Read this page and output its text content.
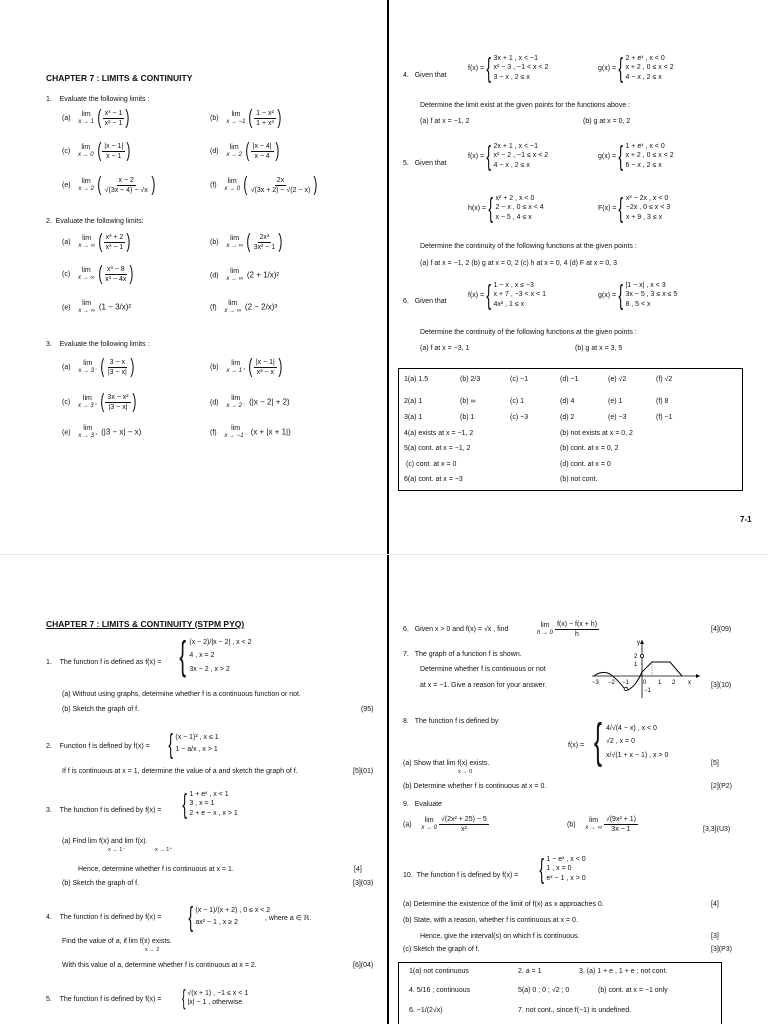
CHAPTER 7 : LIMITS & CONTINUITY
1. Evaluate the following limits :
(a)
lim
x → 1 ( $\frac{\text{x³ − 1}}{\text{x² − 1}}$ )	(b)
lim
x → −1 ( $\frac{\text{1 − x²}}{\text{1 + x³}}$ )
(c)
lim
x → 0 ( $\frac{|x - 1|}{x - 1}$ )	(d)
lim
x → 2 ( $\frac{|x - 4|}{x - 4}$ )
(e)
lim
x → 2 ( $\frac{x - 2}{√(3x - 4) - √x}$ )	(f)
lim
x → 0 ( $\frac{2x}{√(3x + 2) - √(2 - x)}$ )
2. Evaluate the following limits:
(a)
lim
x → ∞ ( $\frac{\text{x³ + 2}}{\text{x³ − 1}}$ )	(b)
lim
x → ∞ ( $\frac{\text{2x³}}{\text{3x² − 1}}$ )
(c)
lim
x → ∞ ( $\frac{\text{x³ − 8}}{\text{x³ − 4x}}$ )	(d)
lim
x → ∞ (2 + 1/x)²
(e)
lim
x → ∞ (1 − 3/x)²	(f)
lim
x → ∞ (2 − 2/x)³
3. Evaluate the following limits :
(a)
lim
x → 3⁻ ( $\frac{3 - x}{|3 - x|}$ )	(b)
lim
x → 1⁺ ( $\frac{|x - 1|}{\text{x² − x}}$ )
(c)
lim
x → 3⁺ ( $\frac{\text{3x − x²}}{|3 - x|}$ )	(d)
lim
x → 2⁻ (|x − 2| + 2)
(e)
lim
x → 3⁺ (|3 − x| − x)	(f)
lim
x → −1⁻ (x + |x + 1|)
4. Given that
f(x) ={ 3x + 1 , x < −1
x² − 3 , −1 < x < 2
3 − x , 2 ≤ x
g(x) ={ 2 + eˣ , x < 0
x + 2 , 0 ≤ x < 2
4 − x , 2 ≤ x
Determine the limit exist at the given points for the functions above :
(a) f at x = −1, 2	(b) g at x = 0, 2
5. Given that
f(x) ={ 2x + 1 , x < −1
x² − 2 , −1 ≤ x < 2
4 − x , 2 ≤ x
g(x) ={ 1 + eˣ , x < 0
x + 2 , 0 ≤ x < 2
6 − x , 2 ≤ x
h(x) ={ x² + 2 , x < 0
2 − x , 0 ≤ x < 4
x − 5 , 4 ≤ x
F(x) ={ x² − 2x , x < 0
−2x , 0 ≤ x < 3
x + 9 , 3 ≤ x
Determine the continuity of the following functions at the given points :
(a) f at x = −1, 2 (b) g at x = 0, 2 (c) h at x = 0, 4 (d) F at x = 0, 3
6. Given that
f(x) ={ 1 − x , x ≤ −3
x + 7 , −3 < x < 1
4x² , 1 ≤ x
g(x) ={ |1 − x| , x < 3
3x − 5 , 3 ≤ x ≤ 5
8 , 5 < x
Determine the continuity of the following functions at the given points :
(a) f at x = −3, 1	(b) g at x = 3, 5
1(a) 1.5	(b) 2/3	(c) −1	(d) −1	(e) √2	(f) √2
2(a) 1	(b) ∞	(c) 1	(d) 4	(e) 1	(f) 8
3(a) 1	(b) 1	(c) −3	(d) 2	(e) −3	(f) −1
4(a) exists at x = −1, 2	(b) not exists at x = 0, 2
5(a) cont. at x = −1, 2	(b) cont. at x = 0, 2
(c) cont. at x = 0	(d) cont. at x = 0
6(a) cont. at x = −3	(b) not cont.
7-1
CHAPTER 7 : LIMITS & CONTINUITY (STPM PYQ)
1. The function f is defined as f(x) = { (x − 2)/|x − 2| , x < 2
4 , x = 2
3x − 2 , x > 2
(a) Without using graphs, determine whether f is a continuous function or not.
(b) Sketch the graph of f.	(95)
2. Function f is defined by f(x) = { (x − 1)² , x ≤ 1
1 − a/x , x > 1
If f is continuous at x = 1, determine the value of a and sketch the graph of f.	[5](01)
3. The function f is defined by f(x) = { 1 + eˣ , x < 1
3 , x = 1
2 + e − x , x > 1
(a) Find lim f(x) and lim f(x).
x → 1⁻	x → 1⁺
Hence, determine whether f is continuous at x = 1.	[4]
(b) Sketch the graph of f.	[3](03)
4. The function f is defined by f(x) = { (x − 1)/(x + 2) , 0 ≤ x < 2
ax² − 1 , x ≥ 2
, where a ∈ ℝ.
Find the value of a, if lim f(x) exists.
x → 2
With this value of a, determine whether f is continuous at x = 2.	[6](04)
5. The function f is defined by f(x) = { √(x + 1) , −1 ≤ x < 1
|x| − 1 , otherwise
6. Given x > 0 and f(x) = √x , find
lim
h → 0
$\frac{f(x) - f(x + h)}{h}$	[4](09)
7. The graph of a function f is shown.
Determine whether f is continuous or not
at x = −1. Give a reason for your answer.	[3](10)
y
2
1
−1
−3 −2 −1 0 1 2 x
8. The function f is defined by
f(x) = { 4/√(4 − x) , x < 0
√2 , x = 0
x/√(1 + x − 1) , x > 0
(a) Show that lim f(x) exists.
x → 0
[5]
(b) Determine whether f is continuous at x = 0.	[2](P2)
9. Evaluate
(a)
lim
x → 0
$\frac{\text{√(2x² + 25) − 5}}{\text{x²}}$	(b)
lim
x → ∞
$\frac{\text{√(9x² + 1)}}{3x - 1}$	[3,3](U3)
10. The function f is defined by f(x) = { 1 − eˣ , x < 0
1 , x = 0
eˣ − 1 , x > 0
(a) Determine the existence of the limit of f(x) as x approaches 0.	[4]
(b) State, with a reason, whether f is continuous at x = 0.
Hence, give the interval(s) on which f is continuous.	[3]
(c) Sketch the graph of f.	[3](P3)
1(a) not continuous	2. a = 1	3. (a) 1 + e , 1 + e ; not cont.
4. 5/16 ; continuous	5(a) 0 ; 0 ; √2 ; 0	(b) cont. at x = −1 only
6. −1/(2√x)	7. not cont., since f(−1) is undefined.
